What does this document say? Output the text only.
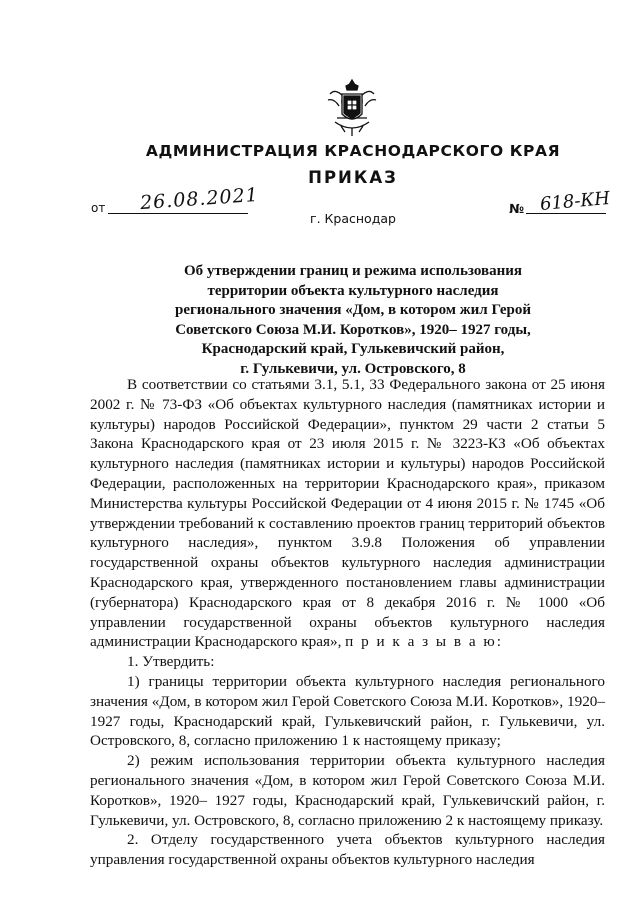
АДМИНИСТРАЦИЯ КРАСНОДАРСКОГО КРАЯ
ПРИКАЗ
от 26.08.2021
г. Краснодар
№ 618-КН
Об утверждении границ и режима использования
территории объекта культурного наследия
регионального значения «Дом, в котором жил Герой
Советского Союза М.И. Коротков», 1920– 1927 годы,
Краснодарский край, Гулькевичский район,
г. Гулькевичи, ул. Островского, 8

В соответствии со статьями 3.1, 5.1, 33 Федерального закона от 25 июня 2002 г. № 73-ФЗ «Об объектах культурного наследия (памятниках истории и культуры) народов Российской Федерации», пунктом 29 части 2 статьи 5 Закона Краснодарского края от 23 июля 2015 г. № 3223-КЗ «Об объектах культурного наследия (памятниках истории и культуры) народов Российской Федерации, расположенных на территории Краснодарского края», приказом Министерства культуры Российской Федерации от 4 июня 2015 г. № 1745 «Об утверждении требований к составлению проектов границ территорий объектов культурного наследия», пунктом 3.9.8 Положения об управлении государственной охраны объектов культурного наследия администрации Краснодарского края, утвержденного постановлением главы администрации (губернатора) Краснодарского края от 8 декабря 2016 г. № 1000 «Об управлении государственной охраны объектов культурного наследия администрации Краснодарского края», п р и к а з ы в а ю:

1. Утвердить:

1) границы территории объекта культурного наследия регионального значения «Дом, в котором жил Герой Советского Союза М.И. Коротков», 1920–1927 годы, Краснодарский край, Гулькевичский район, г. Гулькевичи, ул. Островского, 8, согласно приложению 1 к настоящему приказу;

2) режим использования территории объекта культурного наследия регионального значения «Дом, в котором жил Герой Советского Союза М.И. Коротков», 1920– 1927 годы, Краснодарский край, Гулькевичский район, г. Гулькевичи, ул. Островского, 8, согласно приложению 2 к настоящему приказу.

2. Отделу государственного учета объектов культурного наследия управления государственной охраны объектов культурного наследия
